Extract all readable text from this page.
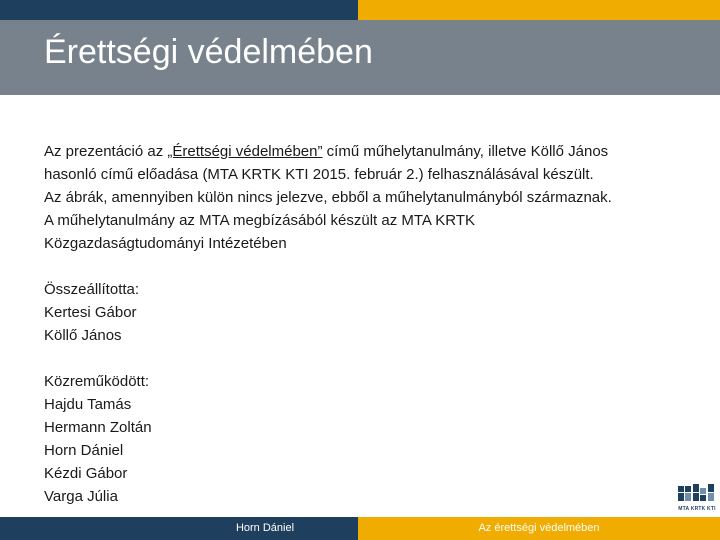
Érettségi védelmében

Az prezentáció az „Érettségi védelmében” című műhelytanulmány, illetve Köllő János
hasonló című előadása (MTA KRTK KTI 2015. február 2.) felhasználásával készült.
Az ábrák, amennyiben külön nincs jelezve, ebből a műhelytanulmányból származnak.
A műhelytanulmány az MTA megbízásából készült az MTA KRTK
Közgazdaságtudományi Intézetében

Összeállította:
Kertesi Gábor
Köllő János

Közreműködött:
Hajdu Tamás
Hermann Zoltán
Horn Dániel
Kézdi Gábor
Varga Júlia

MTA KRTK KTI
Horn Dániel	Az érettségi védelmében
